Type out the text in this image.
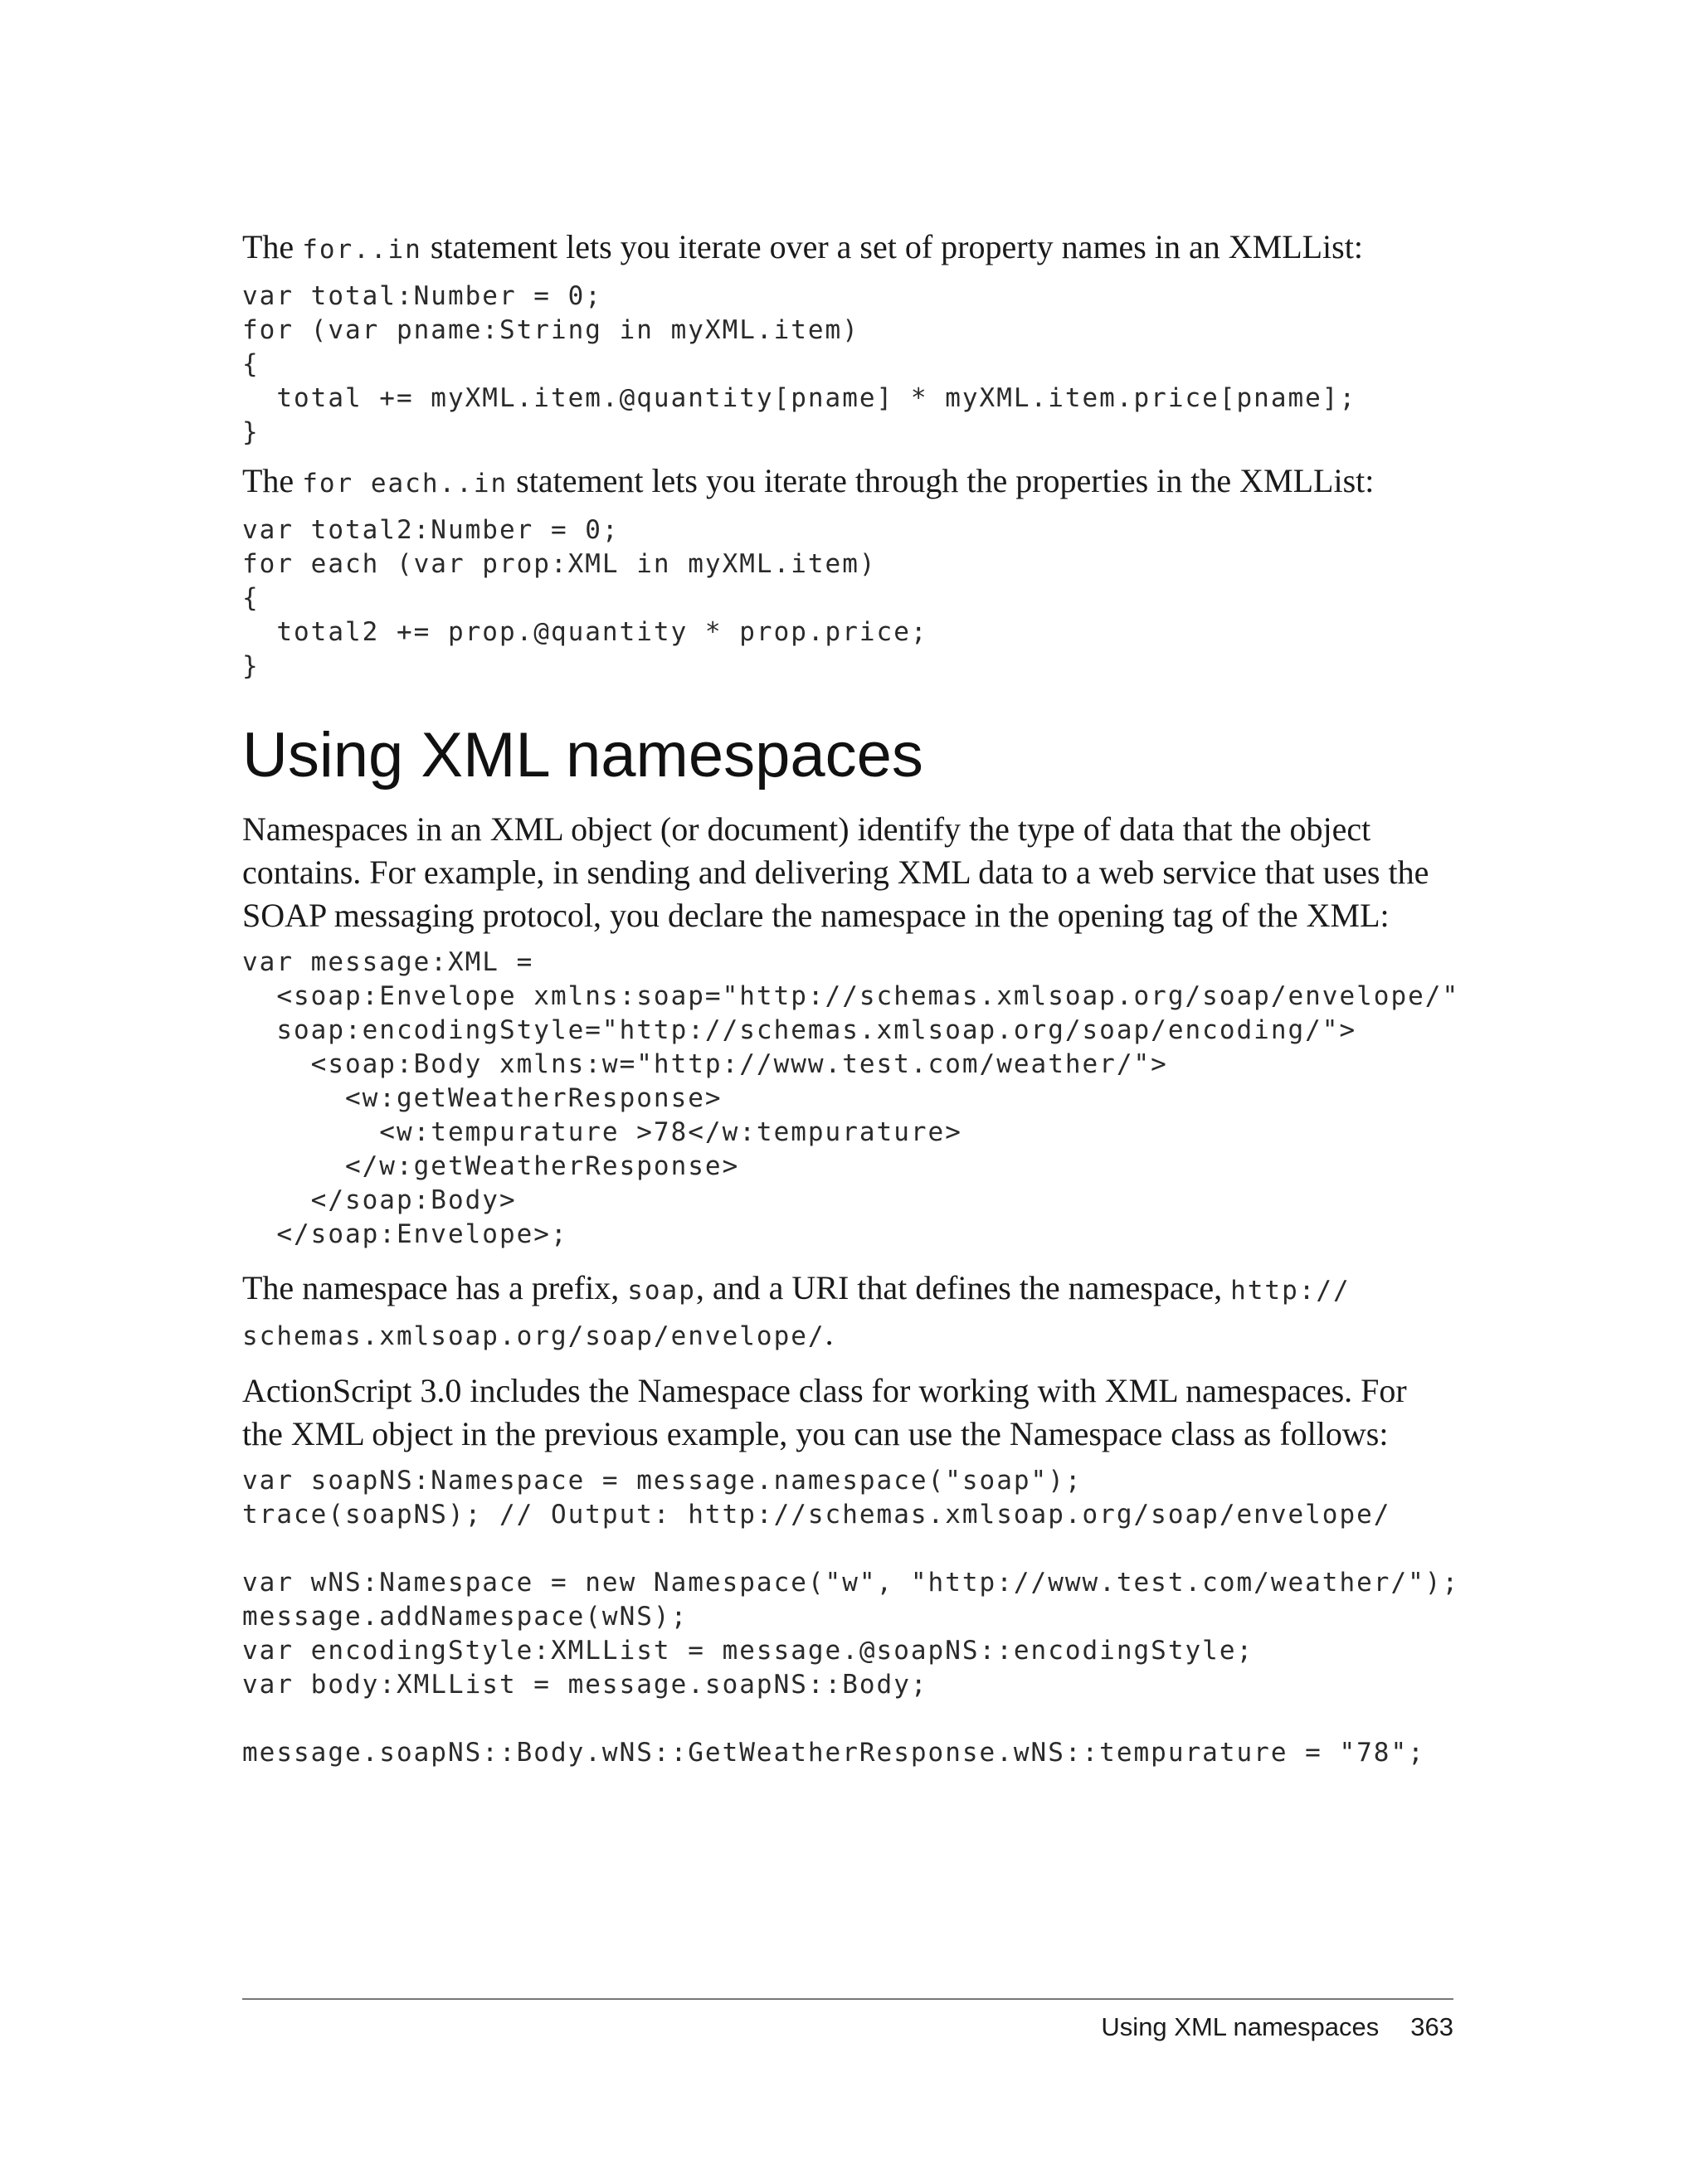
The for..in statement lets you iterate over a set of property names in an XMLList:

var total:Number = 0;
for (var pname:String in myXML.item)
{
total += myXML.item.@quantity[pname] * myXML.item.price[pname];
}

The for each..in statement lets you iterate through the properties in the XMLList:

var total2:Number = 0;
for each (var prop:XML in myXML.item)
{
total2 += prop.@quantity * prop.price;
}
Using XML namespaces

Namespaces in an XML object (or document) identify the type of data that the object contains. For example, in sending and delivering XML data to a web service that uses the SOAP messaging protocol, you declare the namespace in the opening tag of the XML:

var message:XML =
<soap:Envelope xmlns:soap="http://schemas.xmlsoap.org/soap/envelope/"
soap:encodingStyle="http://schemas.xmlsoap.org/soap/encoding/">
<soap:Body xmlns:w="http://www.test.com/weather/">
<w:getWeatherResponse>
<w:tempurature >78</w:tempurature>
</w:getWeatherResponse>
</soap:Body>
</soap:Envelope>;

The namespace has a prefix, soap, and a URI that defines the namespace, http://
schemas.xmlsoap.org/soap/envelope/.

ActionScript 3.0 includes the Namespace class for working with XML namespaces. For the XML object in the previous example, you can use the Namespace class as follows:

var soapNS:Namespace = message.namespace("soap");
trace(soapNS); // Output: http://schemas.xmlsoap.org/soap/envelope/

var wNS:Namespace = new Namespace("w", "http://www.test.com/weather/");
message.addNamespace(wNS);
var encodingStyle:XMLList = message.@soapNS::encodingStyle;
var body:XMLList = message.soapNS::Body;

message.soapNS::Body.wNS::GetWeatherResponse.wNS::tempurature = "78";
Using XML namespaces 363
